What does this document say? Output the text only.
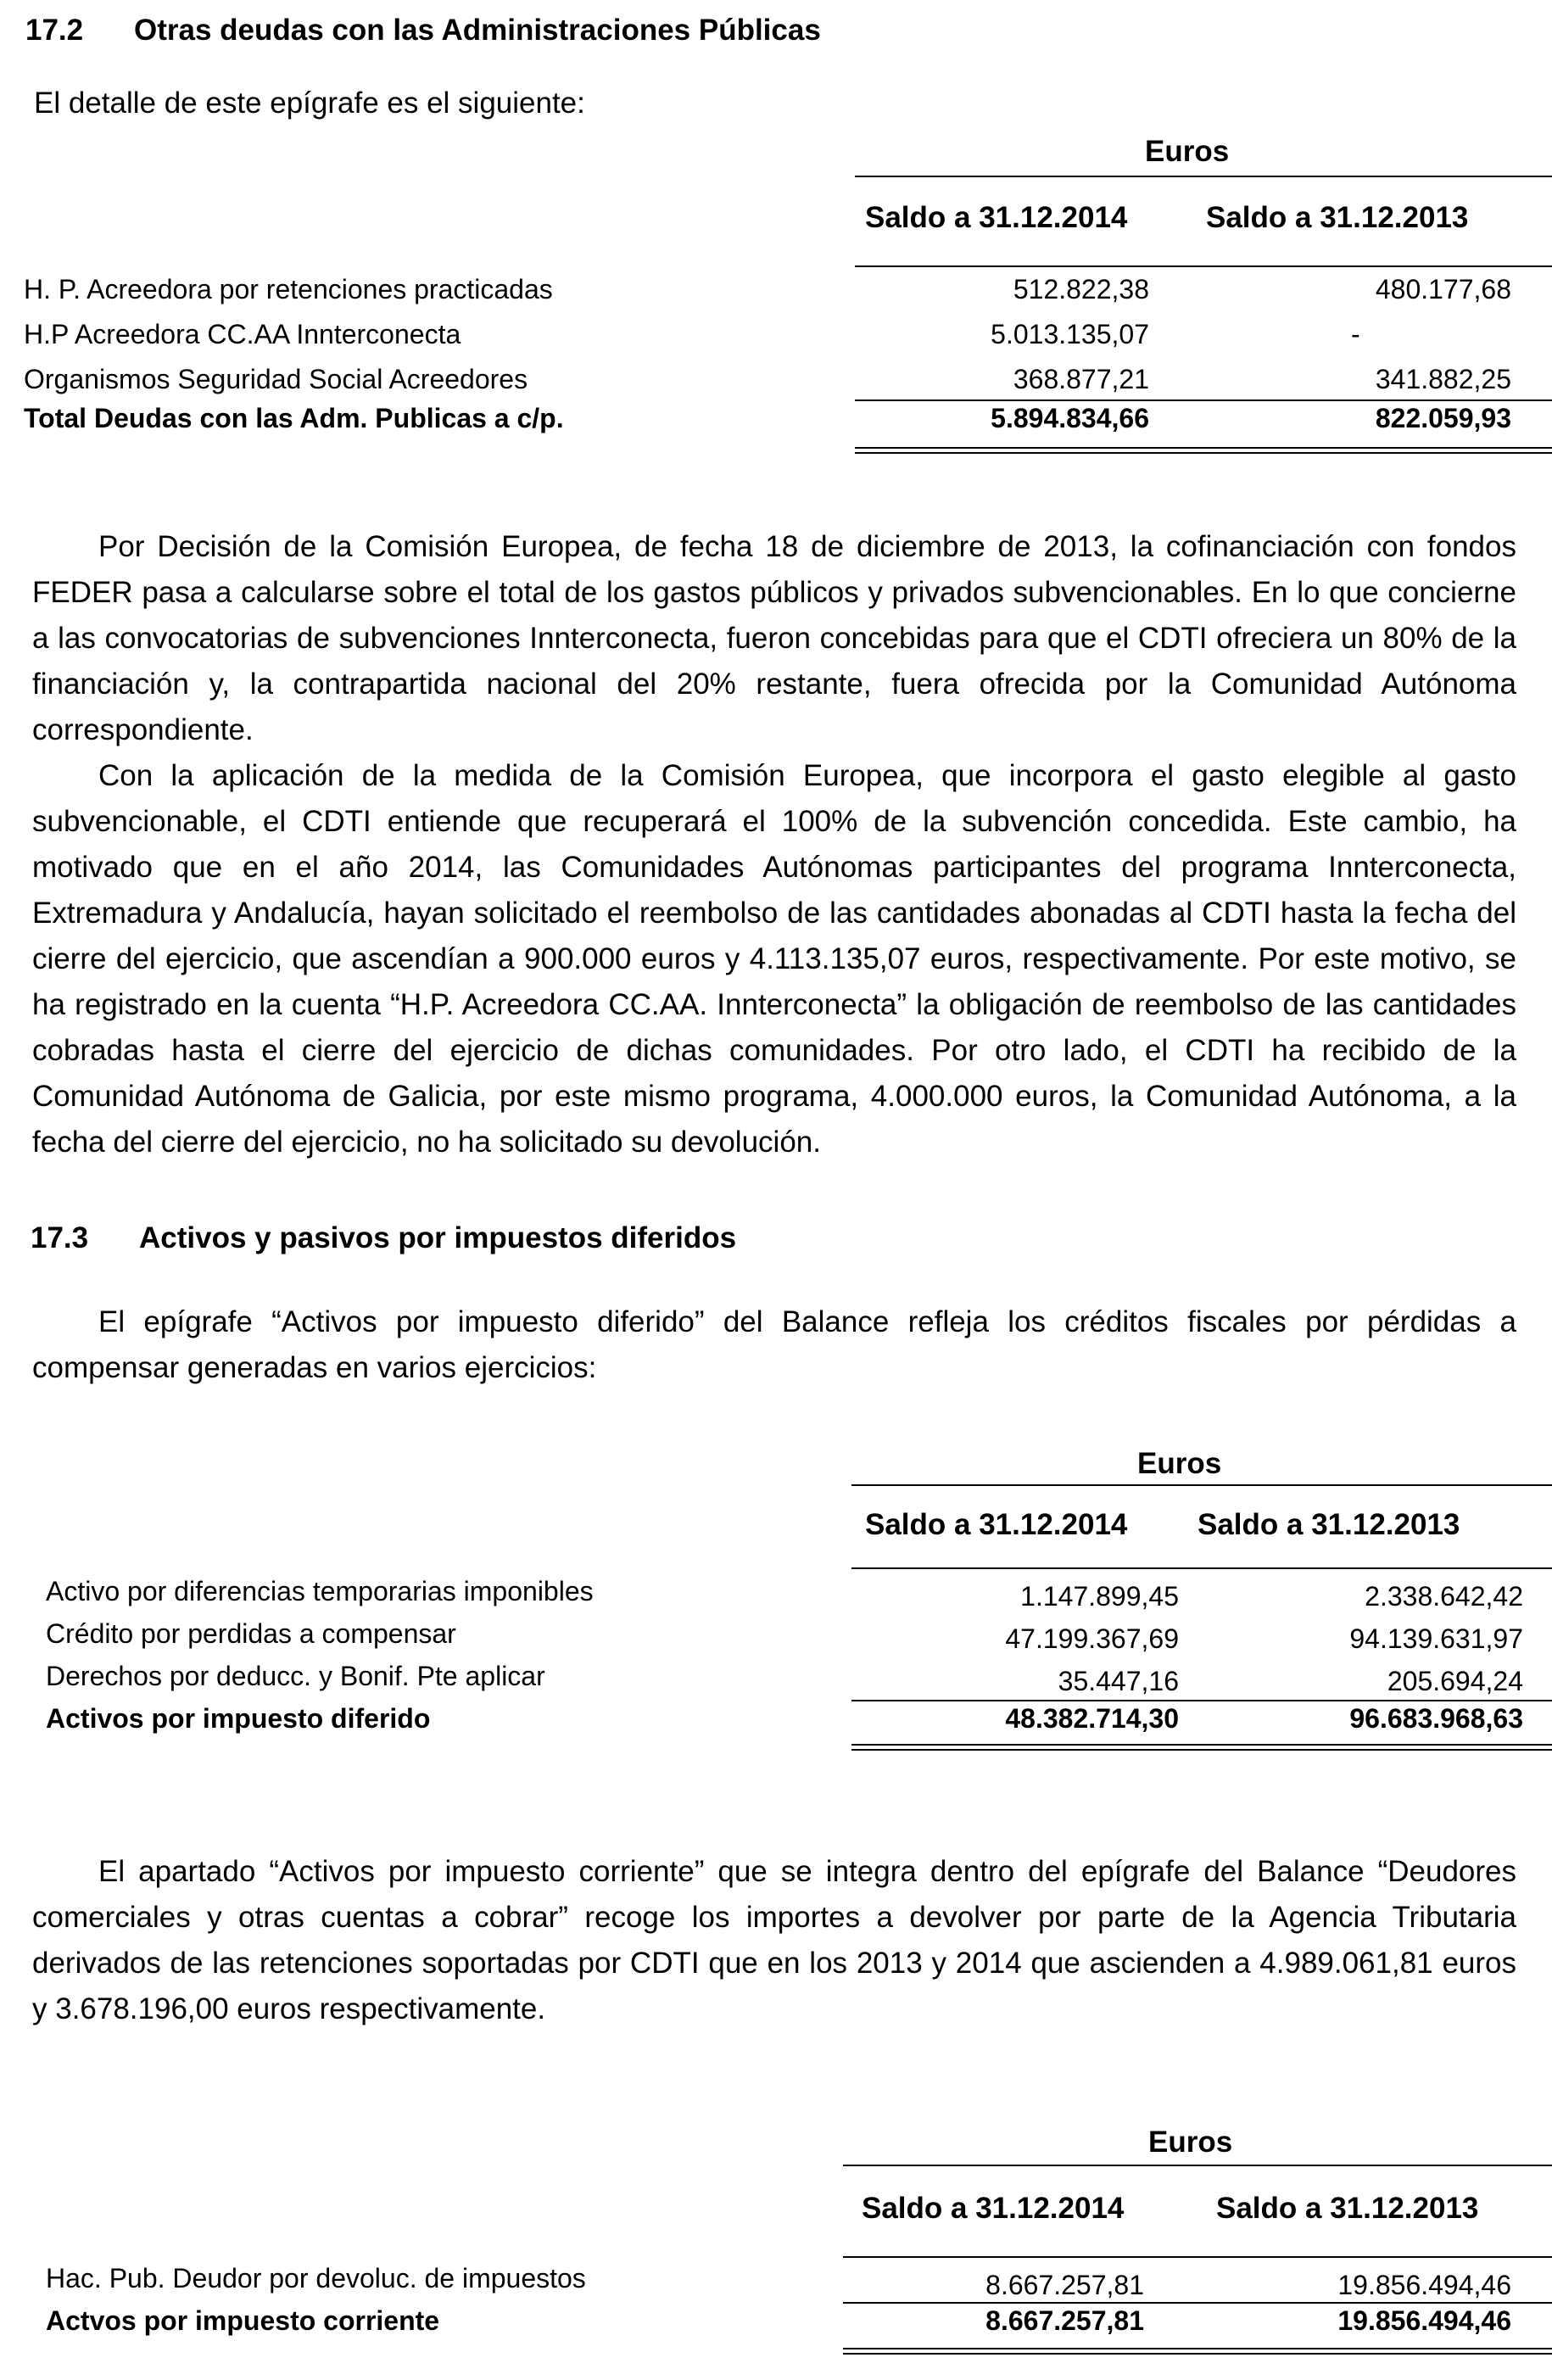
17.2 Otras deudas con las Administraciones Públicas
El detalle de este epígrafe es el siguiente:
Euros
Saldo a 31.12.2014	Saldo a 31.12.2013
H. P. Acreedora por retenciones practicadas	512.822,38	480.177,68
H.P Acreedora CC.AA Innterconecta	5.013.135,07	-
Organismos Seguridad Social Acreedores	368.877,21	341.882,25
Total Deudas con las Adm. Publicas a c/p.	5.894.834,66	822.059,93

Por Decisión de la Comisión Europea, de fecha 18 de diciembre de 2013, la cofinanciación con fondos FEDER pasa a calcularse sobre el total de los gastos públicos y privados subvencionables. En lo que concierne a las convocatorias de subvenciones Innterconecta, fueron concebidas para que el CDTI ofreciera un 80% de la financiación y, la contrapartida nacional del 20% restante, fuera ofrecida por la Comunidad Autónoma correspondiente.

Con la aplicación de la medida de la Comisión Europea, que incorpora el gasto elegible al gasto subvencionable, el CDTI entiende que recuperará el 100% de la subvención concedida. Este cambio, ha motivado que en el año 2014, las Comunidades Autónomas participantes del programa Innterconecta, Extremadura y Andalucía, hayan solicitado el reembolso de las cantidades abonadas al CDTI hasta la fecha del cierre del ejercicio, que ascendían a 900.000 euros y 4.113.135,07 euros, respectivamente. Por este motivo, se ha registrado en la cuenta “H.P. Acreedora CC.AA. Innterconecta” la obligación de reembolso de las cantidades cobradas hasta el cierre del ejercicio de dichas comunidades. Por otro lado, el CDTI ha recibido de la Comunidad Autónoma de Galicia, por este mismo programa, 4.000.000 euros, la Comunidad Autónoma, a la fecha del cierre del ejercicio, no ha solicitado su devolución.

17.3 Activos y pasivos por impuestos diferidos

El epígrafe “Activos por impuesto diferido” del Balance refleja los créditos fiscales por pérdidas a compensar generadas en varios ejercicios:

Euros
Saldo a 31.12.2014 Saldo a 31.12.2013
Activo por diferencias temporarias imponibles	1.147.899,45	2.338.642,42
Crédito por perdidas a compensar	47.199.367,69	94.139.631,97
Derechos por deducc. y Bonif. Pte aplicar	35.447,16	205.694,24
Activos por impuesto diferido	48.382.714,30	96.683.968,63

El apartado “Activos por impuesto corriente” que se integra dentro del epígrafe del Balance “Deudores comerciales y otras cuentas a cobrar” recoge los importes a devolver por parte de la Agencia Tributaria derivados de las retenciones soportadas por CDTI que en los 2013 y 2014 que ascienden a 4.989.061,81 euros y 3.678.196,00 euros respectivamente.

Euros
Saldo a 31.12.2014	Saldo a 31.12.2013
Hac. Pub. Deudor por devoluc. de impuestos	8.667.257,81	19.856.494,46
Actvos por impuesto corriente	8.667.257,81	19.856.494,46
